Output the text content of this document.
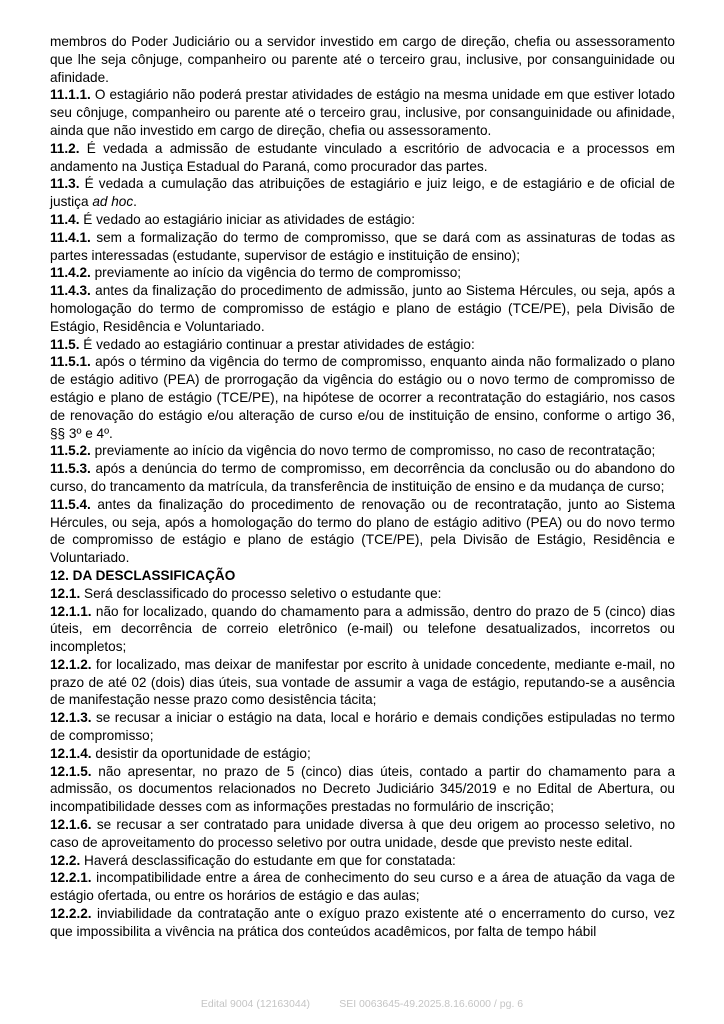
membros do Poder Judiciário ou a servidor investido em cargo de direção, chefia ou assessoramento que lhe seja cônjuge, companheiro ou parente até o terceiro grau, inclusive, por consanguinidade ou afinidade.

11.1.1. O estagiário não poderá prestar atividades de estágio na mesma unidade em que estiver lotado seu cônjuge, companheiro ou parente até o terceiro grau, inclusive, por consanguinidade ou afinidade, ainda que não investido em cargo de direção, chefia ou assessoramento.

11.2. É vedada a admissão de estudante vinculado a escritório de advocacia e a processos em andamento na Justiça Estadual do Paraná, como procurador das partes.

11.3. É vedada a cumulação das atribuições de estagiário e juiz leigo, e de estagiário e de oficial de justiça ad hoc.

11.4. É vedado ao estagiário iniciar as atividades de estágio:

11.4.1. sem a formalização do termo de compromisso, que se dará com as assinaturas de todas as partes interessadas (estudante, supervisor de estágio e instituição de ensino);

11.4.2. previamente ao início da vigência do termo de compromisso;

11.4.3. antes da finalização do procedimento de admissão, junto ao Sistema Hércules, ou seja, após a homologação do termo de compromisso de estágio e plano de estágio (TCE/PE), pela Divisão de Estágio, Residência e Voluntariado.

11.5. É vedado ao estagiário continuar a prestar atividades de estágio:

11.5.1. após o término da vigência do termo de compromisso, enquanto ainda não formalizado o plano de estágio aditivo (PEA) de prorrogação da vigência do estágio ou o novo termo de compromisso de estágio e plano de estágio (TCE/PE), na hipótese de ocorrer a recontratação do estagiário, nos casos de renovação do estágio e/ou alteração de curso e/ou de instituição de ensino, conforme o artigo 36, §§ 3º e 4º.

11.5.2. previamente ao início da vigência do novo termo de compromisso, no caso de recontratação;

11.5.3. após a denúncia do termo de compromisso, em decorrência da conclusão ou do abandono do curso, do trancamento da matrícula, da transferência de instituição de ensino e da mudança de curso;

11.5.4. antes da finalização do procedimento de renovação ou de recontratação, junto ao Sistema Hércules, ou seja, após a homologação do termo do plano de estágio aditivo (PEA) ou do novo termo de compromisso de estágio e plano de estágio (TCE/PE), pela Divisão de Estágio, Residência e Voluntariado.

12. DA DESCLASSIFICAÇÃO

12.1. Será desclassificado do processo seletivo o estudante que:

12.1.1. não for localizado, quando do chamamento para a admissão, dentro do prazo de 5 (cinco) dias úteis, em decorrência de correio eletrônico (e-mail) ou telefone desatualizados, incorretos ou incompletos;

12.1.2. for localizado, mas deixar de manifestar por escrito à unidade concedente, mediante e-mail, no prazo de até 02 (dois) dias úteis, sua vontade de assumir a vaga de estágio, reputando-se a ausência de manifestação nesse prazo como desistência tácita;

12.1.3. se recusar a iniciar o estágio na data, local e horário e demais condições estipuladas no termo de compromisso;

12.1.4. desistir da oportunidade de estágio;

12.1.5. não apresentar, no prazo de 5 (cinco) dias úteis, contado a partir do chamamento para a admissão, os documentos relacionados no Decreto Judiciário 345/2019 e no Edital de Abertura, ou incompatibilidade desses com as informações prestadas no formulário de inscrição;

12.1.6. se recusar a ser contratado para unidade diversa à que deu origem ao processo seletivo, no caso de aproveitamento do processo seletivo por outra unidade, desde que previsto neste edital.

12.2. Haverá desclassificação do estudante em que for constatada:

12.2.1. incompatibilidade entre a área de conhecimento do seu curso e a área de atuação da vaga de estágio ofertada, ou entre os horários de estágio e das aulas;

12.2.2. inviabilidade da contratação ante o exíguo prazo existente até o encerramento do curso, vez que impossibilita a vivência na prática dos conteúdos acadêmicos, por falta de tempo hábil

Edital 9004 (12163044)	SEI 0063645-49.2025.8.16.6000 / pg. 6
